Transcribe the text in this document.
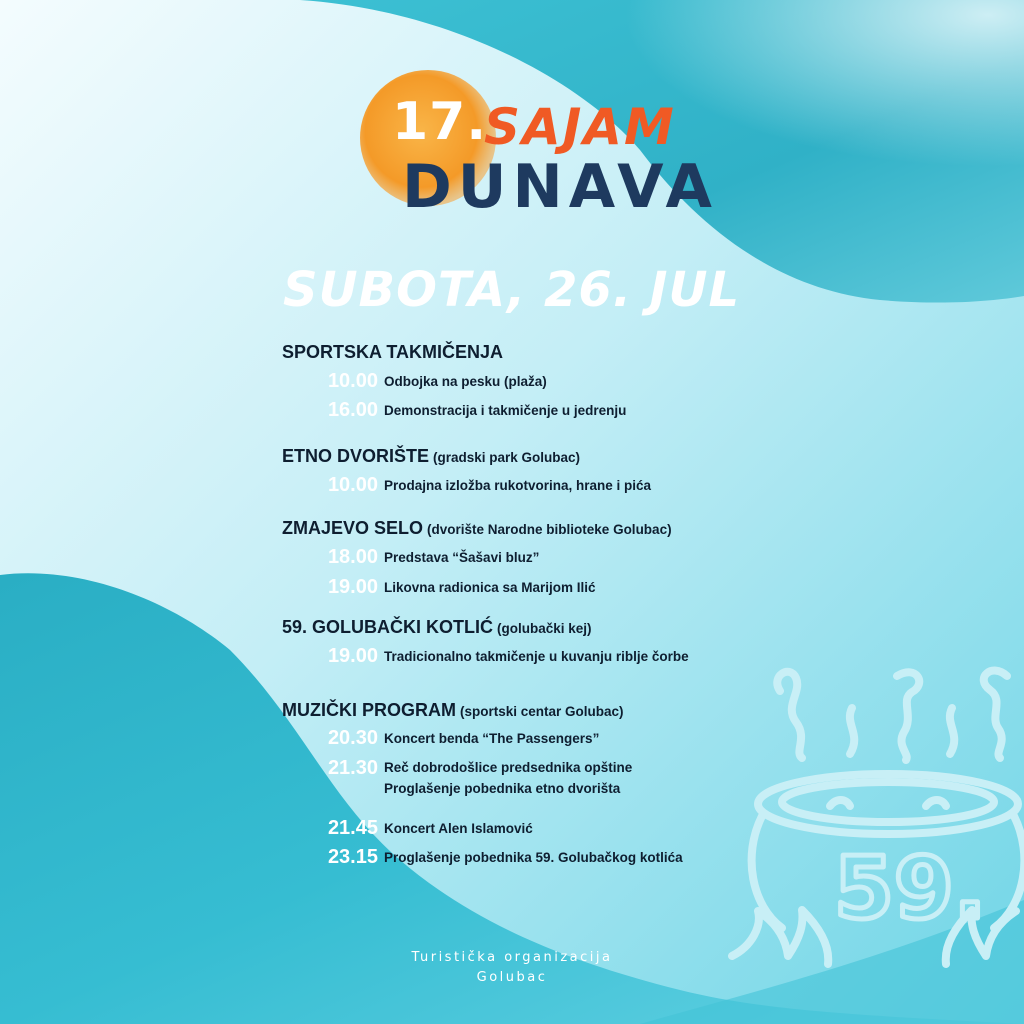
17.
SAJAM
DUNAVA
SUBOTA, 26. JUL
SPORTSKA TAKMIČENJA
10.00 Odbojka na pesku (plaža)
16.00 Demonstracija i takmičenje u jedrenju
ETNO DVORIŠTE (gradski park Golubac)
10.00 Prodajna izložba rukotvorina, hrane i pića
ZMAJEVO SELO (dvorište Narodne biblioteke Golubac)
18.00 Predstava “Šašavi bluz”
19.00 Likovna radionica sa Marijom Ilić
59. GOLUBAČKI KOTLIĆ (golubački kej)
19.00 Tradicionalno takmičenje u kuvanju riblje čorbe
MUZIČKI PROGRAM (sportski centar Golubac)
20.30 Koncert benda “The Passengers”
21.30 Reč dobrodošlice predsednika opštine
Proglašenje pobednika etno dvorišta
21.45 Koncert Alen Islamović
23.15 Proglašenje pobednika 59. Golubačkog kotlića 59.
Turistička organizacija
Golubac
